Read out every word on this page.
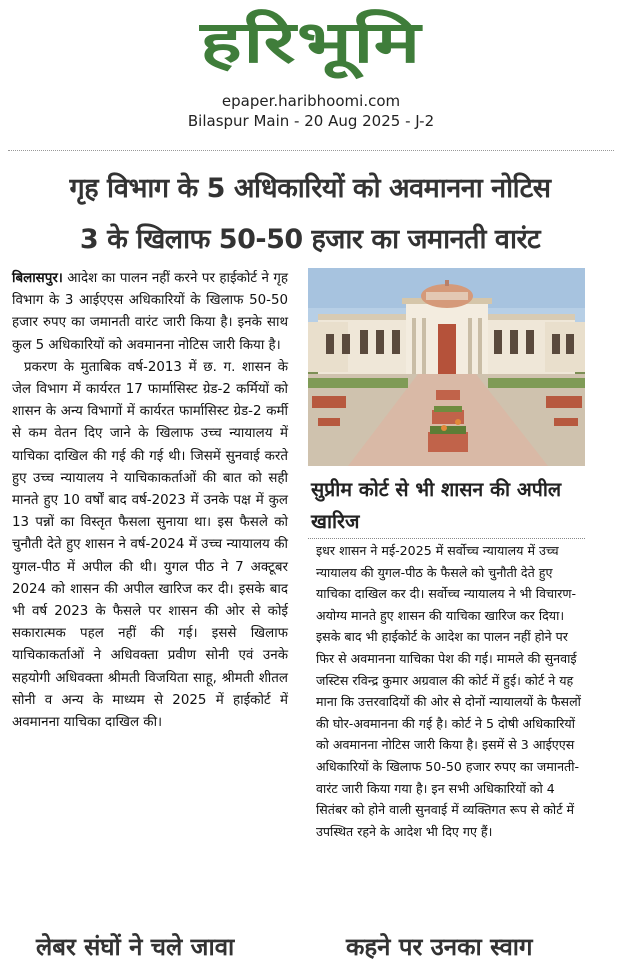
हरिभूमि
epaper.haribhoomi.com
Bilaspur Main - 20 Aug 2025 - J-2
गृह विभाग के 5 अधिकारियों को अवमानना नोटिस
3 के खिलाफ 50-50 हजार का जमानती वारंट

बिलासपुर। आदेश का पालन नहीं करने पर हाईकोर्ट ने गृह विभाग के 3 आईएएस अधिकारियों के खिलाफ 50-50 हजार रुपए का जमानती वारंट जारी किया है। इनके साथ कुल 5 अधिकारियों को अवमानना नोटिस जारी किया है।

प्रकरण के मुताबिक वर्ष-2013 में छ. ग. शासन के जेल विभाग में कार्यरत 17 फार्मासिस्ट ग्रेड-2 कर्मियों को शासन के अन्य विभागों में कार्यरत फार्मासिस्ट ग्रेड-2 कर्मी से कम वेतन दिए जाने के खिलाफ उच्च न्यायालय में याचिका दाखिल की गई की गई थी। जिसमें सुनवाई करते हुए उच्च न्यायालय ने याचिकाकर्ताओं की बात को सही मानते हुए 10 वर्षों बाद वर्ष-2023 में उनके पक्ष में कुल 13 पन्नों का विस्तृत फैसला सुनाया था। इस फैसले को चुनौती देते हुए शासन ने वर्ष-2024 में उच्च न्यायालय की युगल-पीठ में अपील की थी। युगल पीठ ने 7 अक्टूबर 2024 को शासन की अपील खारिज कर दी। इसके बाद भी वर्ष 2023 के फैसले पर शासन की ओर से कोई सकारात्मक पहल नहीं की गई। इससे खिलाफ याचिकाकर्ताओं ने अधिवक्ता प्रवीण सोनी एवं उनके सहयोगी अधिवक्ता श्रीमती विजयिता साहू, श्रीमती शीतल सोनी व अन्य के माध्यम से 2025 में हाईकोर्ट में अवमानना याचिका दाखिल की।

सुप्रीम कोर्ट से भी शासन की अपील खारिज

इधर शासन ने मई-2025 में सर्वोच्च न्यायालय में उच्च न्यायालय की युगल-पीठ के फैसले को चुनौती देते हुए याचिका दाखिल कर दी। सर्वोच्च न्यायालय ने भी विचारण-अयोग्य मानते हुए शासन की याचिका खारिज कर दिया। इसके बाद भी हाईकोर्ट के आदेश का पालन नहीं होने पर फिर से अवमानना याचिका पेश की गई। मामले की सुनवाई जस्टिस रविन्द्र कुमार अग्रवाल की कोर्ट में हुई। कोर्ट ने यह माना कि उत्तरवादियों की ओर से दोनों न्यायालयों के फैसलों की घोर-अवमानना की गई है। कोर्ट ने 5 दोषी अधिकारियों को अवमानना नोटिस जारी किया है। इसमें से 3 आईएएस अधिकारियों के खिलाफ 50-50 हजार रुपए का जमानती-वारंट जारी किया गया है। इन सभी अधिकारियों को 4 सितंबर को होने वाली सुनवाई में व्यक्तिगत रूप से कोर्ट में उपस्थित रहने के आदेश भी दिए गए हैं।

लेबर संघों ने चले जावा	कहने पर उनका स्वाग
